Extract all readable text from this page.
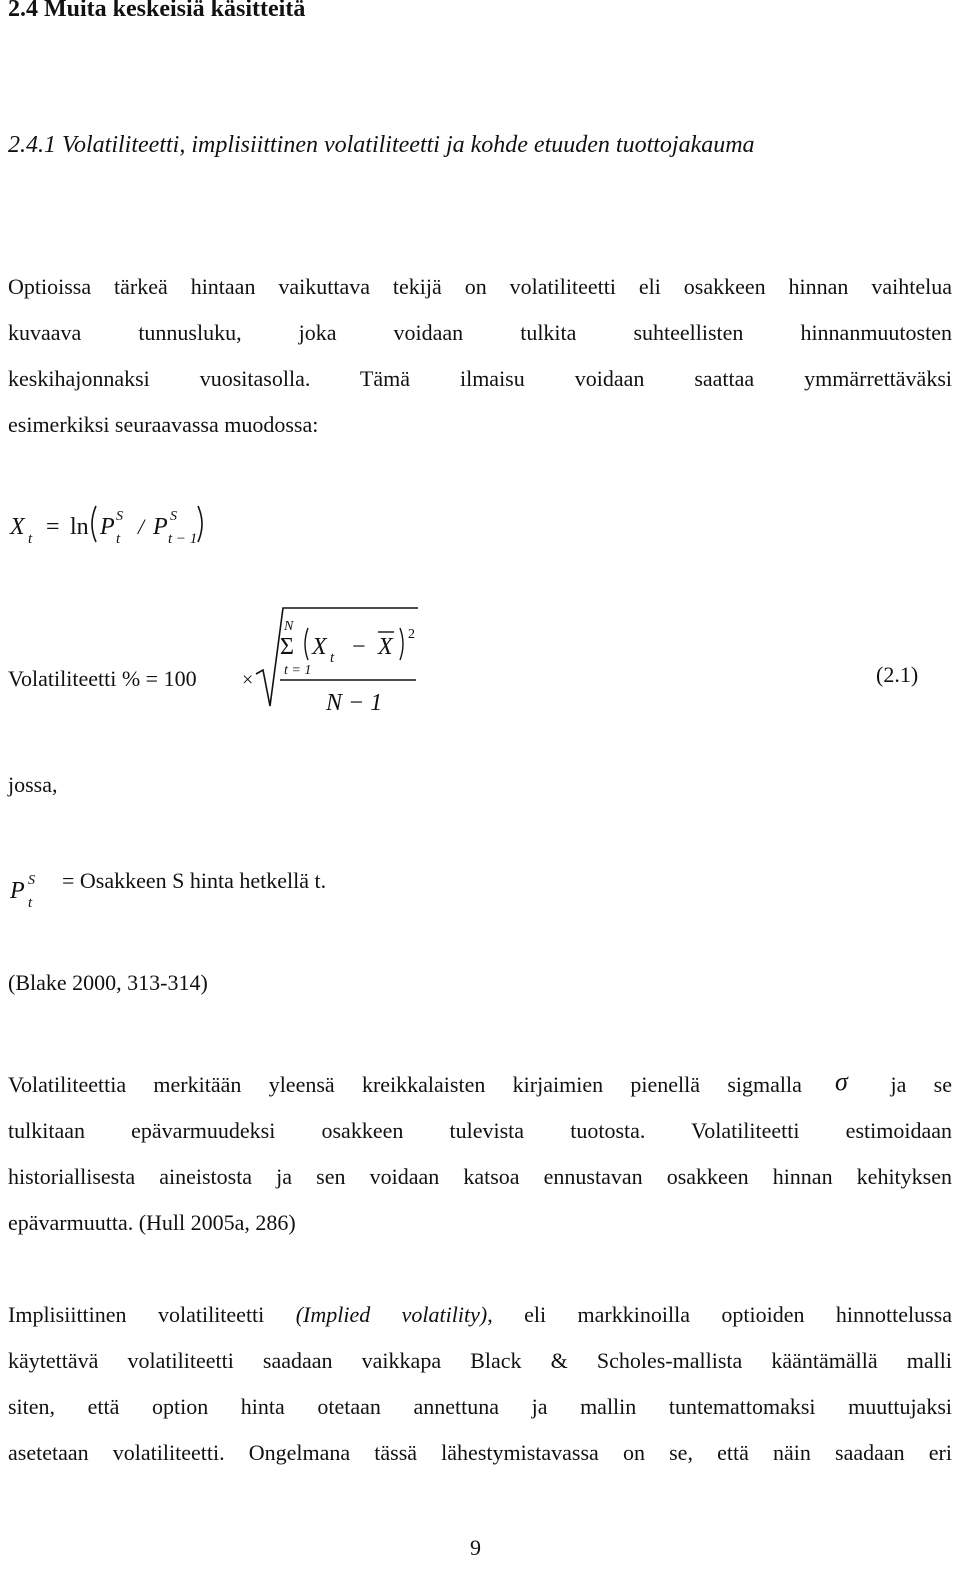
2.4 Muita keskeisiä käsitteitä
2.4.1 Volatiliteetti, implisiittinen volatiliteetti ja kohde etuuden tuottojakauma
Optioissa tärkeä hintaan vaikuttava tekijä on volatiliteetti eli osakkeen hinnan vaihtelua
kuvaava tunnusluku, joka voidaan tulkita suhteellisten hinnanmuutosten
keskihajonnaksi vuositasolla. Tämä ilmaisu voidaan saattaa ymmärrettäväksi
esimerkiksi seuraavassa muodossa:
X t = ln P S
t / P S
t − 1
Volatiliteetti % = 100 ×
N
Σ
t = 1
X t − X 2
N − 1
(2.1)
jossa,
P S
t
= Osakkeen S hinta hetkellä t.
(Blake 2000, 313-314)
Volatiliteettia merkitään yleensä kreikkalaisten kirjaimien pienellä sigmalla σ ja se
tulkitaan epävarmuudeksi osakkeen tulevista tuotosta. Volatiliteetti estimoidaan
historiallisesta aineistosta ja sen voidaan katsoa ennustavan osakkeen hinnan kehityksen
epävarmuutta. (Hull 2005a, 286)
Implisiittinen volatiliteetti (Implied volatility), eli markkinoilla optioiden hinnottelussa
käytettävä volatiliteetti saadaan vaikkapa Black & Scholes-mallista kääntämällä malli
siten, että option hinta otetaan annettuna ja mallin tuntemattomaksi muuttujaksi
asetetaan volatiliteetti. Ongelmana tässä lähestymistavassa on se, että näin saadaan eri
9
